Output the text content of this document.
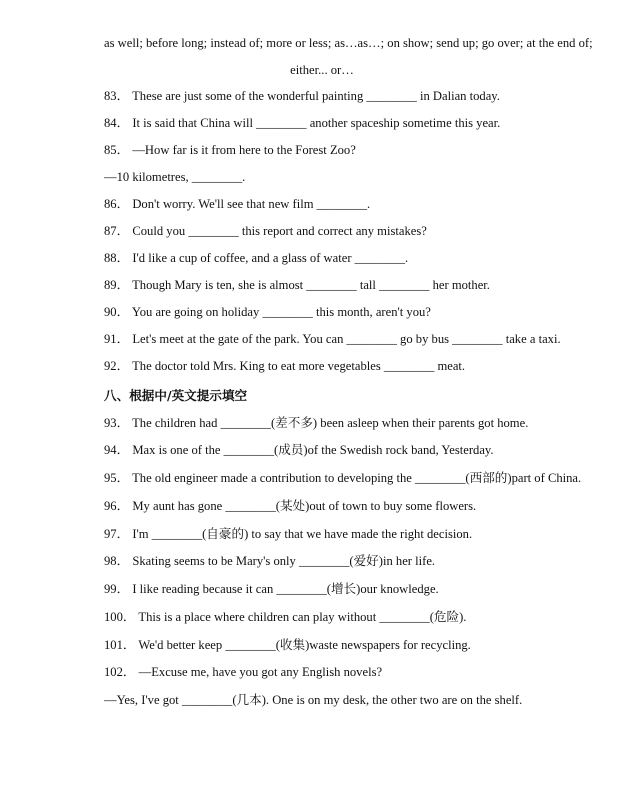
as well; before long; instead of; more or less; as…as…; on show; send up; go over; at the end of;
either... or…
83． These are just some of the wonderful painting ________ in Dalian today.
84． It is said that China will ________ another spaceship sometime this year.
85． —How far is it from here to the Forest Zoo?
—10 kilometres, ________.
86． Don't worry. We'll see that new film ________.
87． Could you ________ this report and correct any mistakes?
88． I'd like a cup of coffee, and a glass of water ________.
89． Though Mary is ten, she is almost ________ tall ________ her mother.
90． You are going on holiday ________ this month, aren't you?
91． Let's meet at the gate of the park. You can ________ go by bus ________ take a taxi.
92． The doctor told Mrs. King to eat more vegetables ________ meat.
八、根据中/英文提示填空
93． The children had ________(差不多) been asleep when their parents got home.
94． Max is one of the ________(成员)of the Swedish rock band, Yesterday.
95． The old engineer made a contribution to developing the ________(西部的)part of China.
96． My aunt has gone ________(某处)out of town to buy some flowers.
97． I'm ________(自豪的) to say that we have made the right decision.
98． Skating seems to be Mary's only ________(爱好)in her life.
99． I like reading because it can ________(增长)our knowledge.
100． This is a place where children can play without ________(危险).
101． We'd better keep ________(收集)waste newspapers for recycling.
102． —Excuse me, have you got any English novels?
—Yes, I've got ________(几本). One is on my desk, the other two are on the shelf.
